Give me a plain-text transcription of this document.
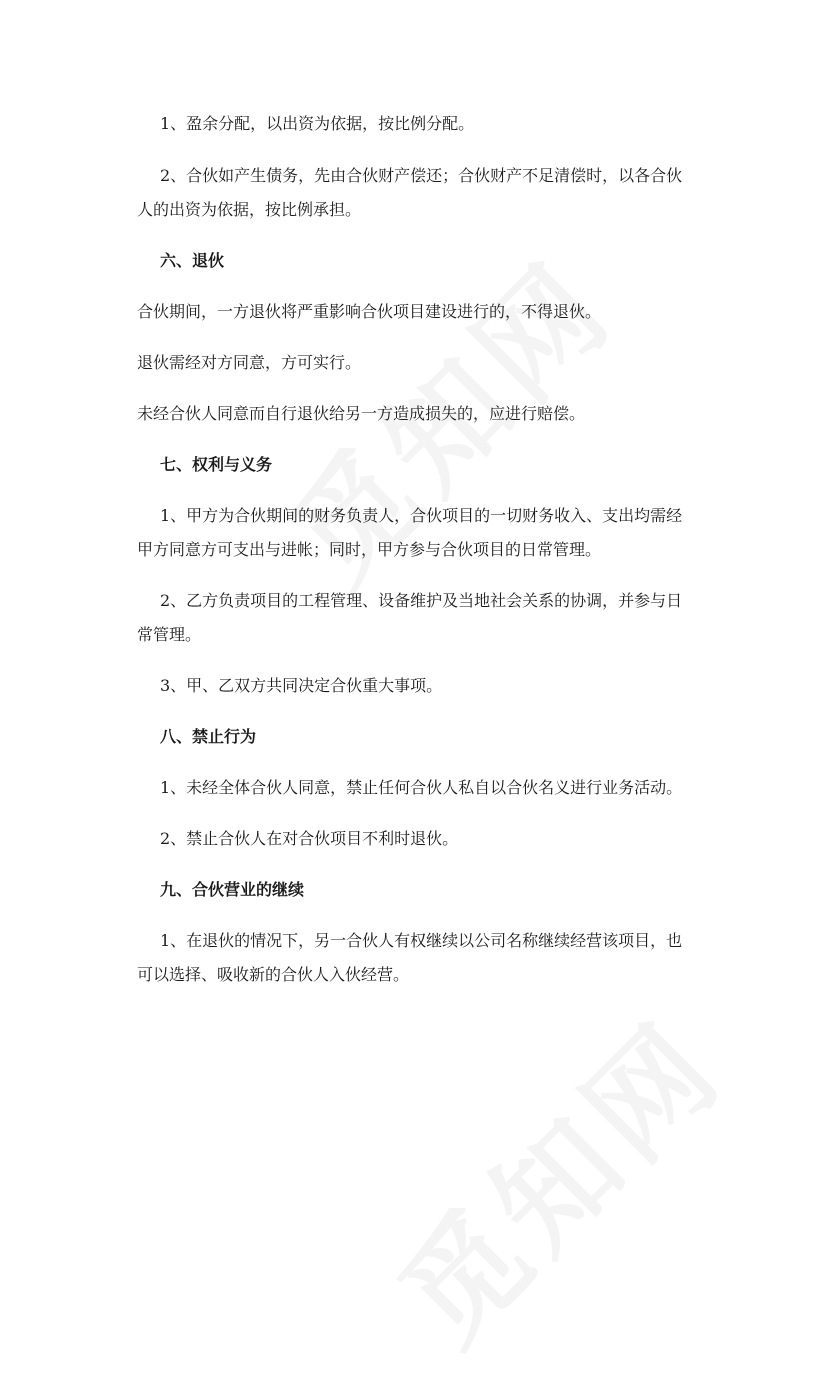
1、盈余分配，以出资为依据，按比例分配。
2、合伙如产生债务，先由合伙财产偿还；合伙财产不足清偿时，以各合伙
人的出资为依据，按比例承担。
六、退伙
合伙期间，一方退伙将严重影响合伙项目建设进行的，不得退伙。
退伙需经对方同意，方可实行。
未经合伙人同意而自行退伙给另一方造成损失的，应进行赔偿。
七、权利与义务
1、甲方为合伙期间的财务负责人，合伙项目的一切财务收入、支出均需经
甲方同意方可支出与进帐；同时，甲方参与合伙项目的日常管理。
2、乙方负责项目的工程管理、设备维护及当地社会关系的协调，并参与日
常管理。
3、甲、乙双方共同决定合伙重大事项。
八、禁止行为
1、未经全体合伙人同意，禁止任何合伙人私自以合伙名义进行业务活动。
2、禁止合伙人在对合伙项目不利时退伙。
九、合伙营业的继续
1、在退伙的情况下，另一合伙人有权继续以公司名称继续经营该项目，也
可以选择、吸收新的合伙人入伙经营。
